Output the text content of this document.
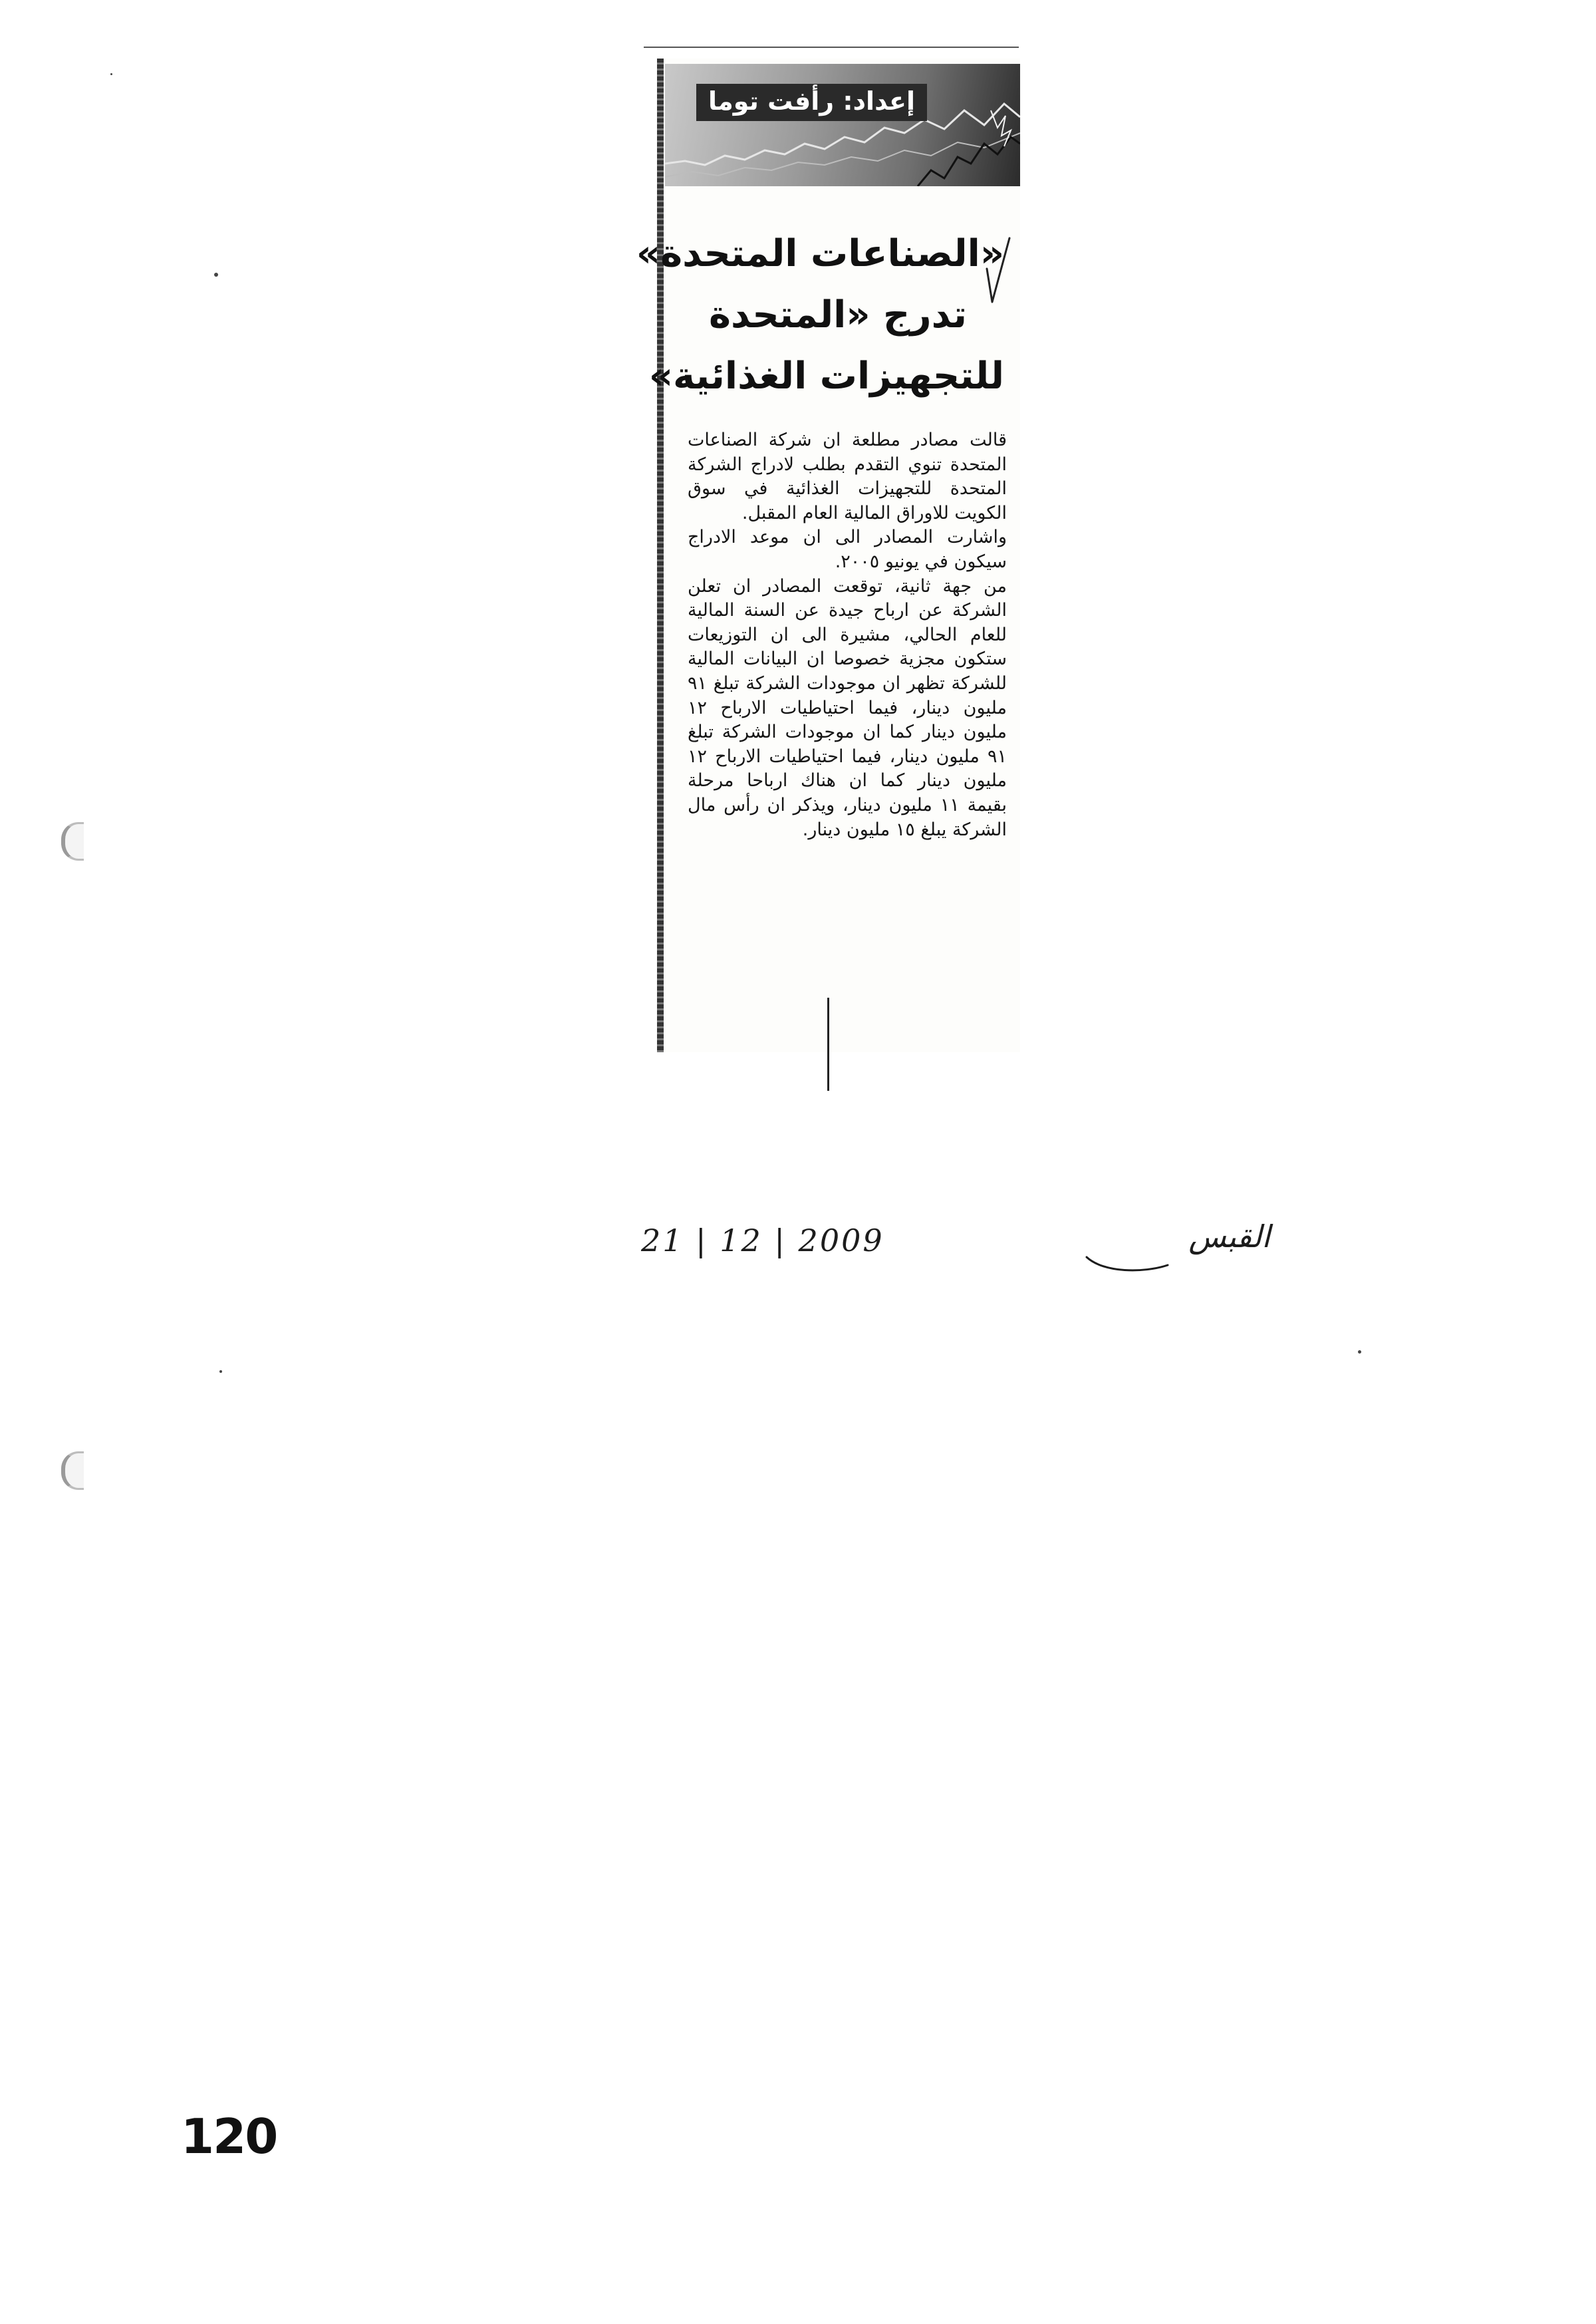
إعداد: رأفت توما
«الصناعات المتحدة»
تدرج «المتحدة
للتجهيزات الغذائية»

قالت مصادر مطلعة ان شركة الصناعات المتحدة تنوي التقدم بطلب لادراج الشركة المتحدة للتجهيزات الغذائية في سوق الكويت للاوراق المالية العام المقبل.

واشارت المصادر الى ان موعد الادراج سيكون في يونيو ٢٠٠٥.

من جهة ثانية، توقعت المصادر ان تعلن الشركة عن ارباح جيدة عن السنة المالية للعام الحالي، مشيرة الى ان التوزيعات ستكون مجزية خصوصا ان البيانات المالية للشركة تظهر ان موجودات الشركة تبلغ ٩١ مليون دينار، فيما احتياطيات الارباح ١٢ مليون دينار كما ان موجودات الشركة تبلغ ٩١ مليون دينار، فيما احتياطيات الارباح ١٢ مليون دينار كما ان هناك ارباحا مرحلة بقيمة ١١ مليون دينار، ويذكر ان رأس مال الشركة يبلغ ١٥ مليون دينار.

21 | 12 | 2009	القبس
120
